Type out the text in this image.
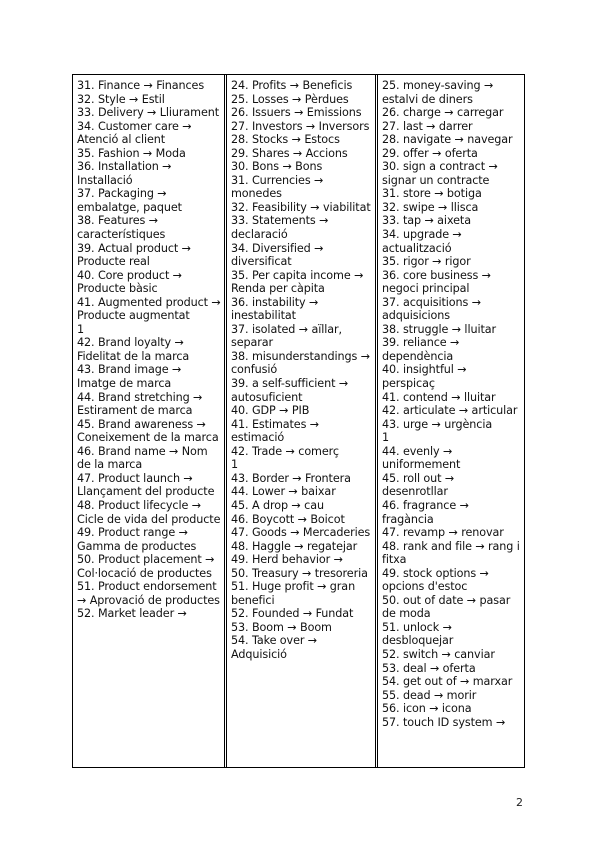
31. Finance → Finances
32. Style → Estil
33. Delivery → Lliurament
34. Customer care → Atenció al client
35. Fashion → Moda
36. Installation → Installació
37. Packaging → embalatge, paquet
38. Features → característiques
39. Actual product → Producte real
40. Core product → Producte bàsic
41. Augmented product → Producte augmentat
1
42. Brand loyalty → Fidelitat de la marca
43. Brand image → Imatge de marca
44. Brand stretching → Estirament de marca
45. Brand awareness → Coneixement de la marca
46. Brand name → Nom de la marca
47. Product launch → Llançament del producte
48. Product lifecycle → Cicle de vida del producte
49. Product range → Gamma de productes
50. Product placement → Col·locació de productes
51. Product endorsement → Aprovació de productes
52. Market leader →
24. Profits → Beneficis
25. Losses → Pèrdues
26. Issuers → Emissions
27. Investors → Inversors
28. Stocks → Estocs
29. Shares → Accions
30. Bons → Bons
31. Currencies → monedes
32. Feasibility → viabilitat
33. Statements → declaració
34. Diversified → diversificat
35. Per capita income → Renda per càpita
36. instability → inestabilitat
37. isolated → aïllar, separar
38. misunderstandings → confusió
39. a self-sufficient → autosuficient
40. GDP → PIB
41. Estimates → estimació
42. Trade → comerç
1
43. Border → Frontera
44. Lower → baixar
45. A drop → cau
46. Boycott → Boicot
47. Goods → Mercaderies
48. Haggle → regatejar
49. Herd behavior →
50. Treasury → tresoreria
51. Huge profit → gran benefici
52. Founded → Fundat
53. Boom → Boom
54. Take over → Adquisició
25. money-saving → estalvi de diners
26. charge → carregar
27. last → darrer
28. navigate → navegar
29. offer → oferta
30. sign a contract → signar un contracte
31. store → botiga
32. swipe → llisca
33. tap → aixeta
34. upgrade → actualització
35. rigor → rigor
36. core business → negoci principal
37. acquisitions → adquisicions
38. struggle → lluitar
39. reliance → dependència
40. insightful → perspicaç
41. contend → lluitar
42. articulate → articular
43. urge → urgència
1
44. evenly → uniformement
45. roll out → desenrotllar
46. fragrance → fragància
47. revamp → renovar
48. rank and file → rang i fitxa
49. stock options → opcions d'estoc
50. out of date → pasar de moda
51. unlock → desbloquejar
52. switch → canviar
53. deal → oferta
54. get out of → marxar
55. dead → morir
56. icon → icona
57. touch ID system →
2
